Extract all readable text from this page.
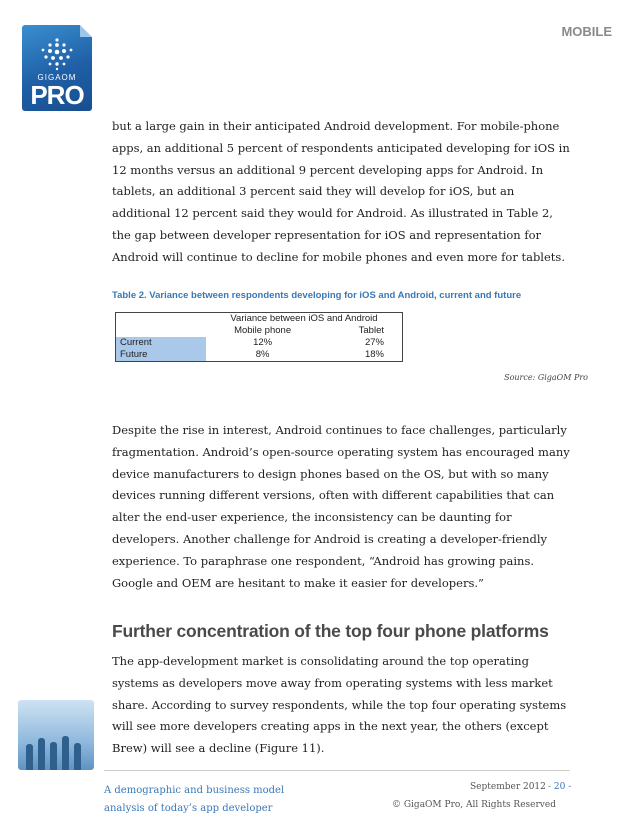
MOBILE
GIGAOM
PRO

but a large gain in their anticipated Android development. For mobile-phone apps, an additional 5 percent of respondents anticipated developing for iOS in 12 months versus an additional 9 percent developing apps for Android. In tablets, an additional 3 percent said they will develop for iOS, but an additional 12 percent said they would for Android. As illustrated in Table 2, the gap between developer representation for iOS and representation for Android will continue to decline for mobile phones and even more for tablets.

Table 2. Variance between respondents developing for iOS and Android, current and future

	Variance between iOS and Android	
	Mobile phone	Tablet
Current	12%	27%
Future	8%	18%
Source: GigaOM Pro

Despite the rise in interest, Android continues to face challenges, particularly fragmentation. Android’s open-source operating system has encouraged many device manufacturers to design phones based on the OS, but with so many devices running different versions, often with different capabilities that can alter the end-user experience, the inconsistency can be daunting for developers. Another challenge for Android is creating a developer-friendly experience. To paraphrase one respondent, “Android has growing pains. Google and OEM are hesitant to make it easier for developers.”

Further concentration of the top four phone platforms

The app-development market is consolidating around the top operating systems as developers move away from operating systems with less market share. According to survey respondents, while the top four operating systems will see more developers creating apps in the next year, the others (except Brew) will see a decline (Figure 11).

A demographic and business model
analysis of today’s app developer
September 2012 - 20 -
© GigaOM Pro, All Rights Reserved
